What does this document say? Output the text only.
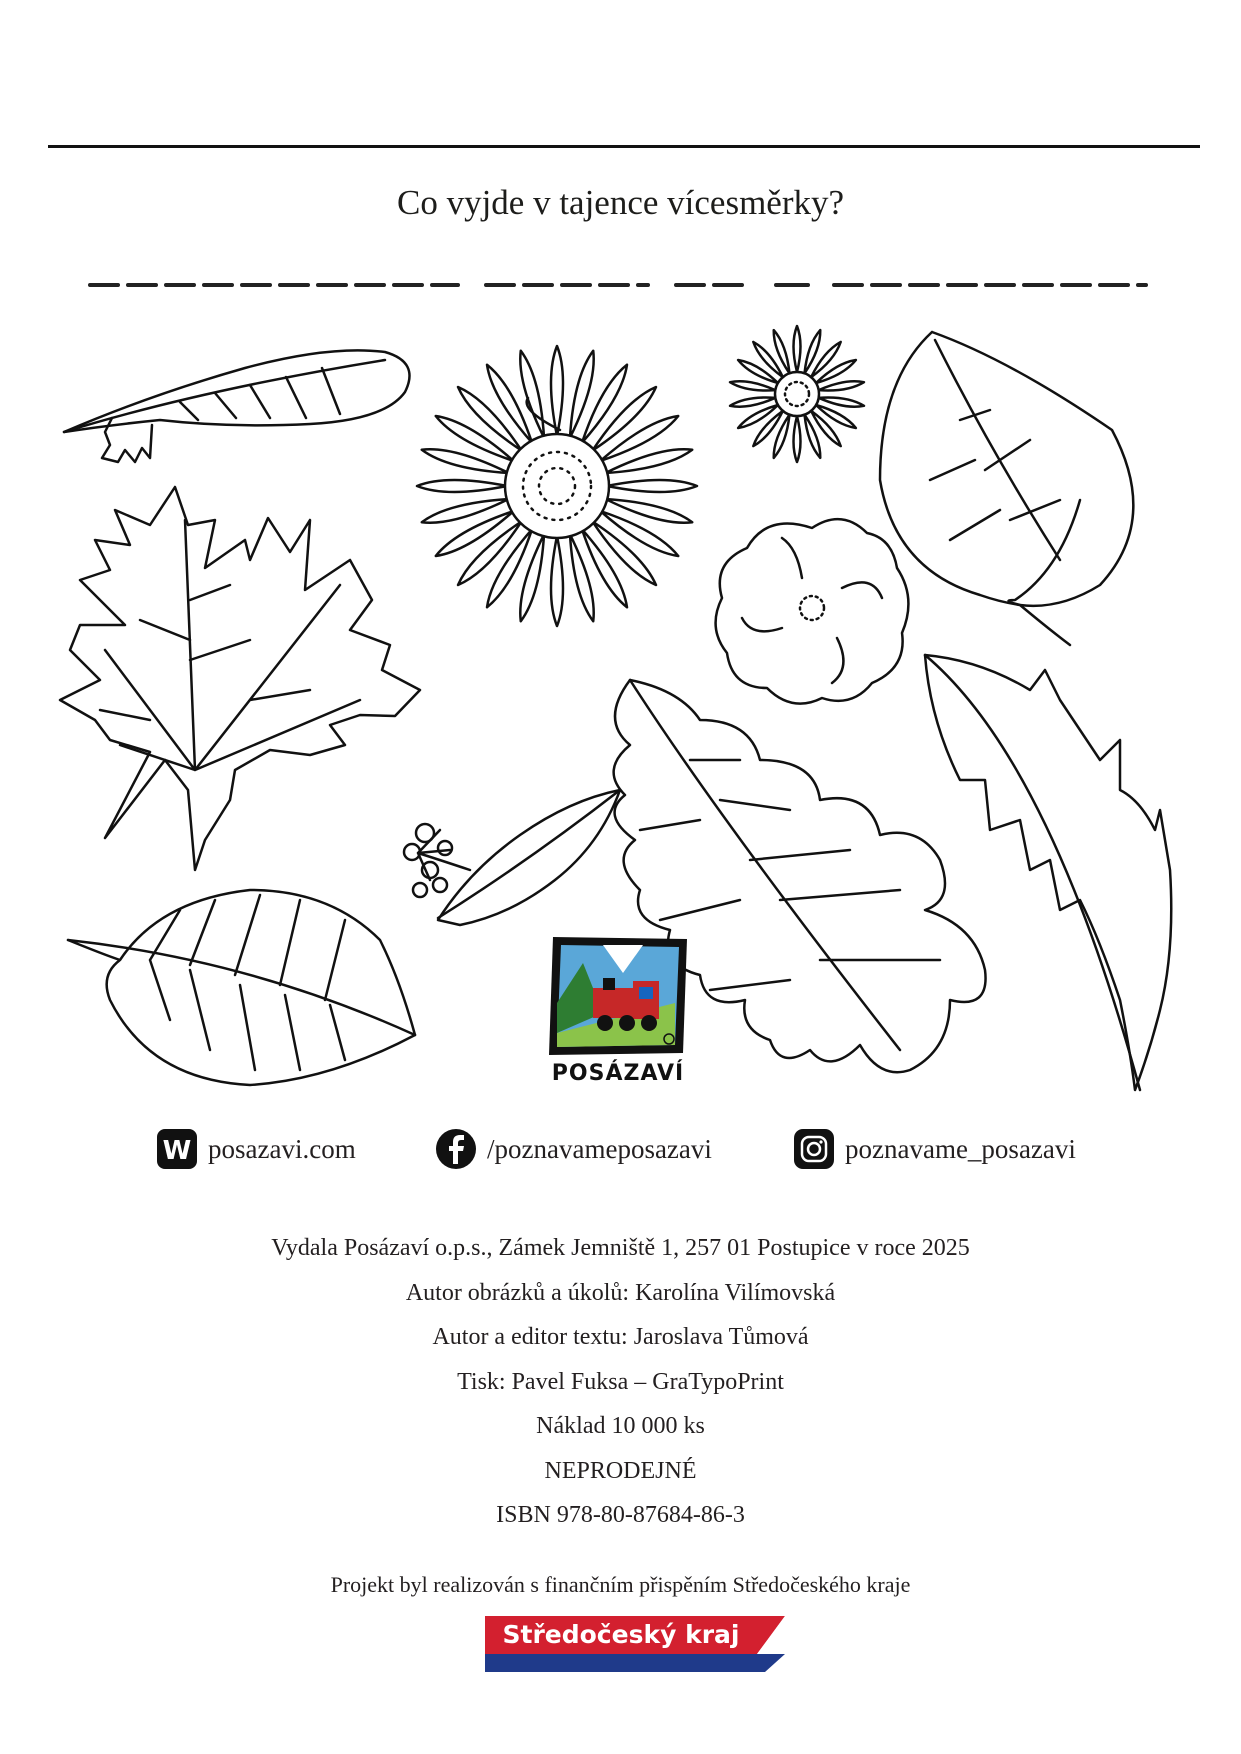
Co vyjde v tajence vícesměrky?
POSÁZAVÍ
W posazavi.com	/poznavameposazavi	poznavame_posazavi
Vydala Posázaví o.p.s., Zámek Jemniště 1, 257 01 Postupice v roce 2025
Autor obrázků a úkolů: Karolína Vilímovská
Autor a editor textu: Jaroslava Tůmová
Tisk: Pavel Fuksa – GraTypoPrint
Náklad 10 000 ks
NEPRODEJNÉ
ISBN 978-80-87684-86-3
Projekt byl realizován s finančním přispěním Středočeského kraje
Středočeský kraj
